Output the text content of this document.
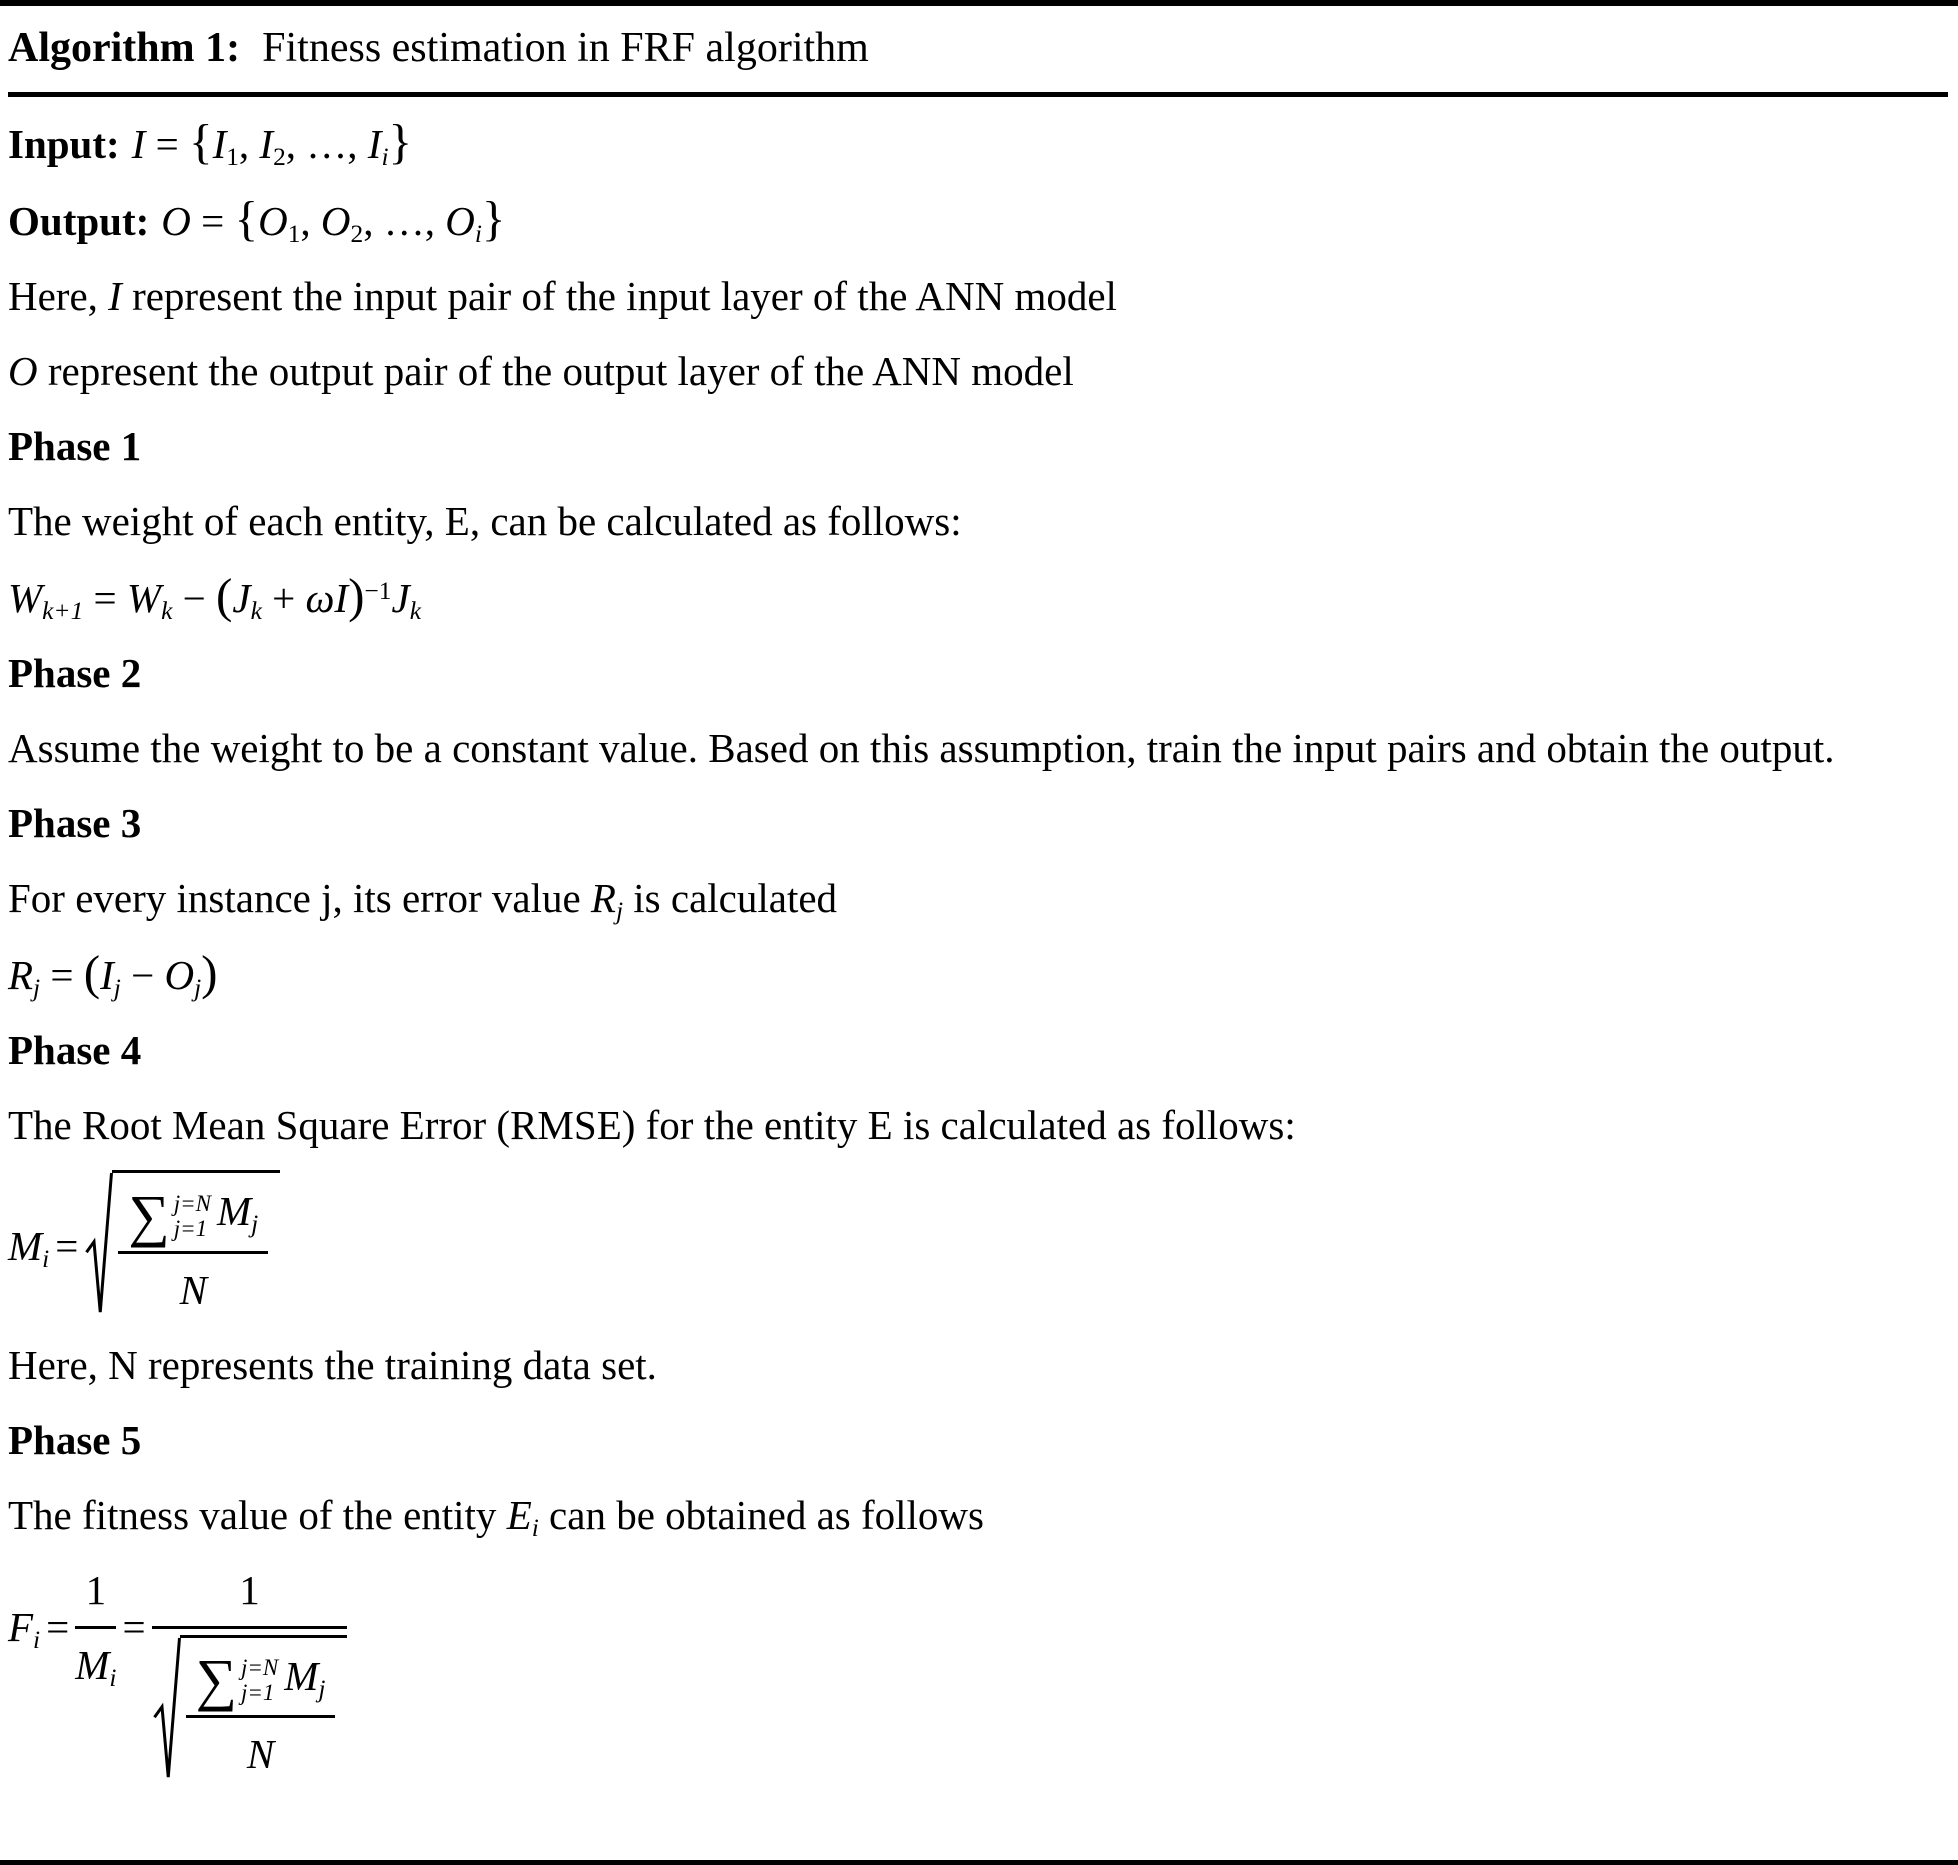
Algorithm 1: Fitness estimation in FRF algorithm

Input: $I = \{I_1$, $I_2$, …, $I_i$}

Output: $O = \{O_1$, $O_2$, …, $O_i$}

Here, I represent the input pair of the input layer of the ANN model

O represent the output pair of the output layer of the ANN model

Phase 1

The weight of each entity, E, can be calculated as follows:

$W_{k+1} = W_k - (J_k + \omega I)^{-1}J_k$

Phase 2

Assume the weight to be a constant value. Based on this assumption, train the input pairs and obtain the output.

Phase 3

For every instance j, its error value $R_j$ is calculated

$R_j = (I_j - O_j)$

Phase 4

The Root Mean Square Error (RMSE) for the entity E is calculated as follows:

$M_i$ = ∑ j=N
j=1 $M_j$
N

Here, N represents the training data set.

Phase 5

The fitness value of the entity $E_i$ can be obtained as follows

$F_i = \frac{1}{M_i} = 1$
∑ j=N
j=1 $M_j$
N
